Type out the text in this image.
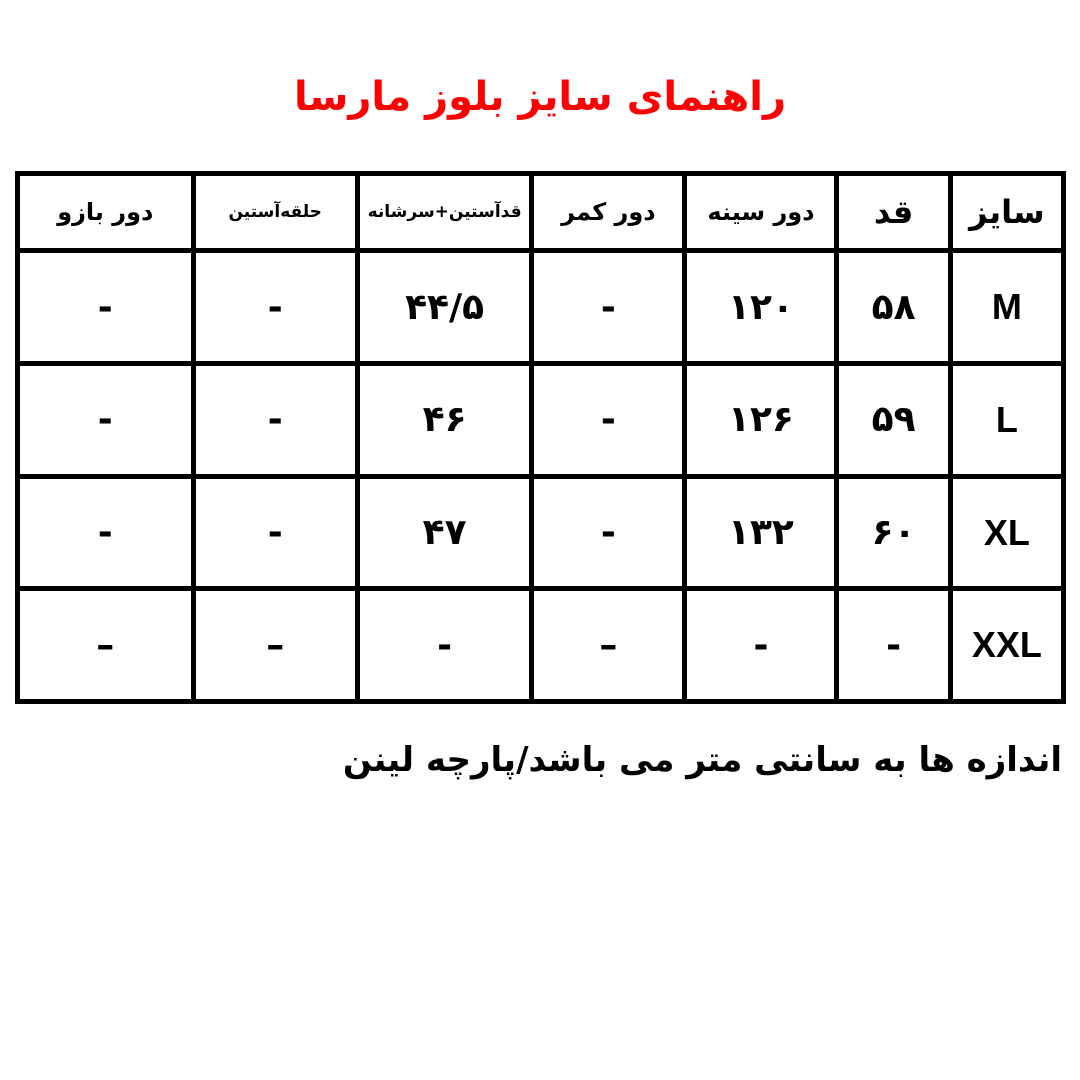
راهنمای سایز بلوز مارسا
سایز	قد	دور سینه	دور کمر	قدآستین+سرشانه	حلقه‌آستین	دور بازو
M	۵۸	۱۲۰	-	۴۴/۵	-	-
L	۵۹	۱۲۶	-	۴۶	-	-
XL	۶۰	۱۳۲	-	۴۷	-	-
XXL	-	-	–	-	–	–
اندازه ها به سانتی متر می باشد/پارچه لینن
